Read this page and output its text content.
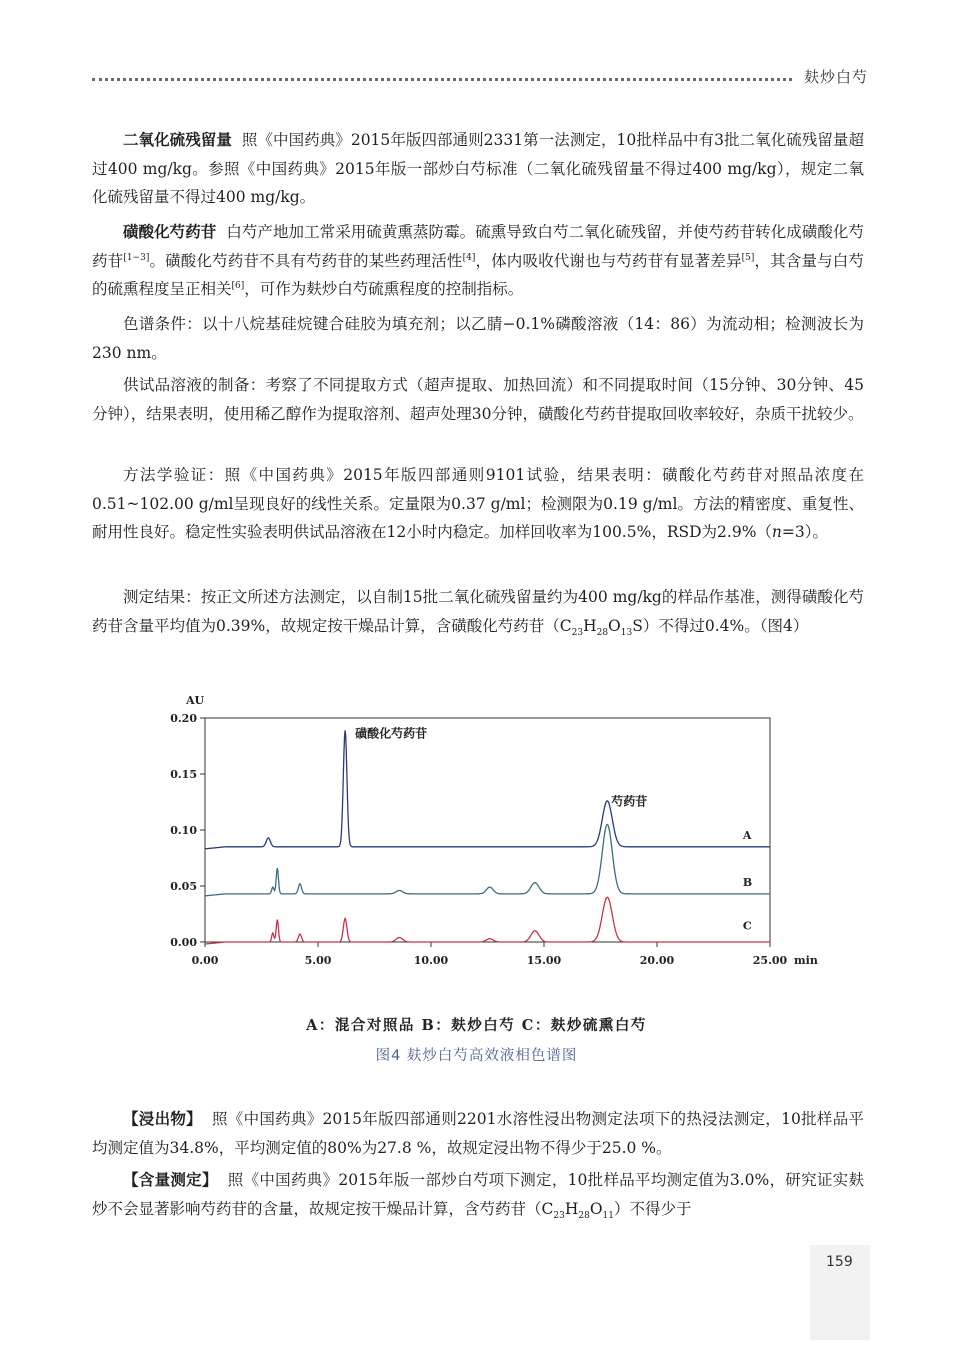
麸炒白芍

二氧化硫残留量 照《中国药典》2015年版四部通则2331第一法测定，10批样品中有3批二氧化硫残留量超过400 mg/kg。参照《中国药典》2015年版一部炒白芍标准（二氧化硫残留量不得过400 mg/kg），规定二氧化硫残留量不得过400 mg/kg。

磺酸化芍药苷 白芍产地加工常采用硫黄熏蒸防霉。硫熏导致白芍二氧化硫残留，并使芍药苷转化成磺酸化芍药苷[1−3]。磺酸化芍药苷不具有芍药苷的某些药理活性[4]，体内吸收代谢也与芍药苷有显著差异[5]，其含量与白芍的硫熏程度呈正相关[6]，可作为麸炒白芍硫熏程度的控制指标。

色谱条件：以十八烷基硅烷键合硅胶为填充剂；以乙腈−0.1%磷酸溶液（14：86）为流动相；检测波长为230 nm。

供试品溶液的制备：考察了不同提取方式（超声提取、加热回流）和不同提取时间（15分钟、30分钟、45分钟），结果表明，使用稀乙醇作为提取溶剂、超声处理30分钟，磺酸化芍药苷提取回收率较好，杂质干扰较少。

方法学验证：照《中国药典》2015年版四部通则9101试验，结果表明：磺酸化芍药苷对照品浓度在0.51~102.00 g/ml呈现良好的线性关系。定量限为0.37 g/ml；检测限为0.19 g/ml。方法的精密度、重复性、耐用性良好。稳定性实验表明供试品溶液在12小时内稳定。加样回收率为100.5%，RSD为2.9%（n=3）。

测定结果：按正文所述方法测定，以自制15批二氧化硫残留量约为400 mg/kg的样品作基准，测得磺酸化芍药苷含量平均值为0.39%，故规定按干燥品计算，含磺酸化芍药苷$(C_{23}H_{28}O_{13}S)$不得过0.4%。（图4）

0.00
0.05
0.10
0.15
0.20
0.00	5.00	10.00	15.00	20.00	25.00
AU
min
A
B
C
磺酸化芍药苷
芍药苷
A：混合对照品 B：麸炒白芍 C：麸炒硫熏白芍
图4 麸炒白芍高效液相色谱图

【浸出物】 照《中国药典》2015年版四部通则2201水溶性浸出物测定法项下的热浸法测定，10批样品平均测定值为34.8%，平均测定值的80%为27.8 %，故规定浸出物不得少于25.0 %。

【含量测定】 照《中国药典》2015年版一部炒白芍项下测定，10批样品平均测定值为3.0%，研究证实麸炒不会显著影响芍药苷的含量，故规定按干燥品计算，含芍药苷$(C_{23}H_{28}O_{11})$不得少于

159
